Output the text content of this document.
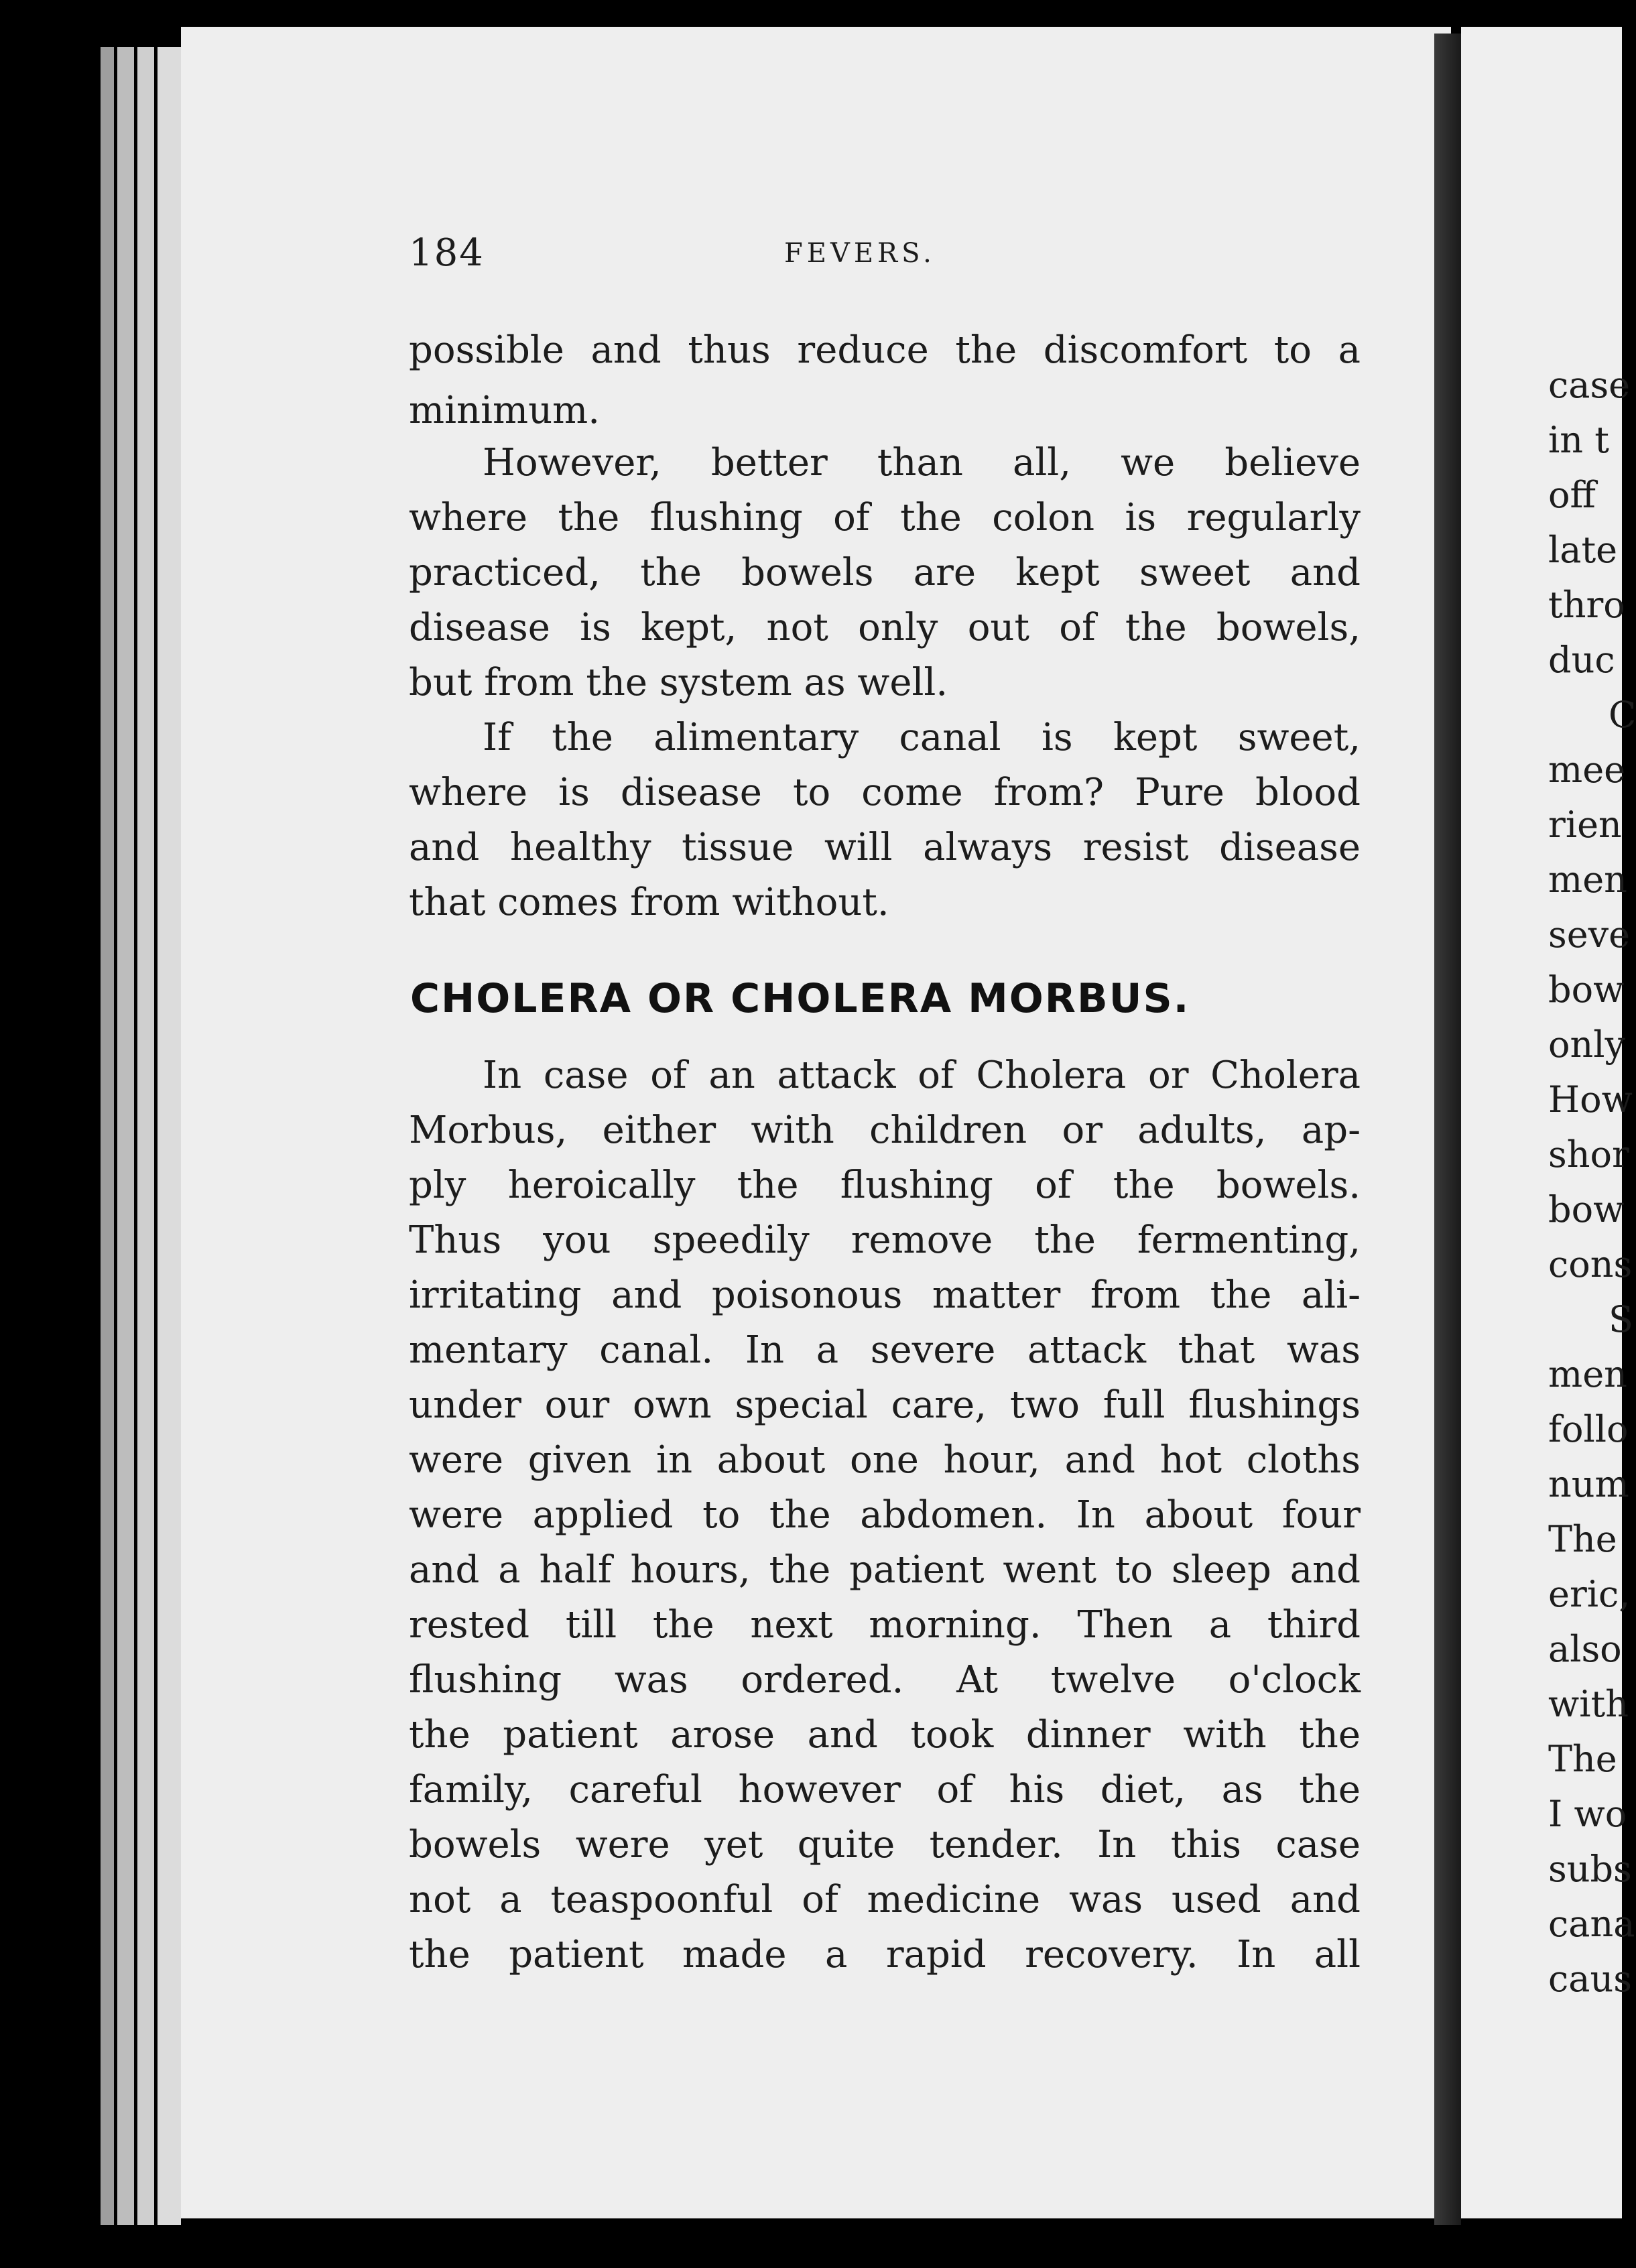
184	FEVERS.
possible and thus reduce the discomfort to a
minimum.
However, better than all, we believe
where the flushing of the colon is regularly
practiced, the bowels are kept sweet and
disease is kept, not only out of the bowels,
but from the system as well.
If the alimentary canal is kept sweet,
where is disease to come from? Pure blood
and healthy tissue will always resist disease
that comes from without.
CHOLERA OR CHOLERA MORBUS.
In case of an attack of Cholera or Cholera
Morbus, either with children or adults, ap-
ply heroically the flushing of the bowels.
Thus you speedily remove the fermenting,
irritating and poisonous matter from the ali-
mentary canal. In a severe attack that was
under our own special care, two full flushings
were given in about one hour, and hot cloths
were applied to the abdomen. In about four
and a half hours, the patient went to sleep and
rested till the next morning. Then a third
flushing was ordered. At twelve o'clock
the patient arose and took dinner with the
family, careful however of his diet, as the
bowels were yet quite tender. In this case
not a teaspoonful of medicine was used and
the patient made a rapid recovery. In all
case
in t
off
late
thro
duc
C
mee
rien
men
seve
bow
only
How
shor
bow
cons
S
men
follo
num
The
eric,
also
with
The
I wo
subs
cana
caus
